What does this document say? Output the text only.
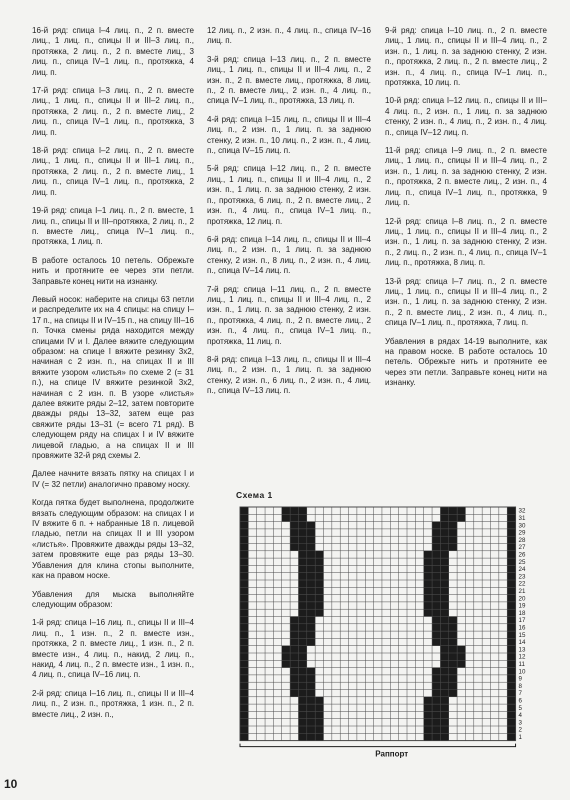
16-й ряд: спица I–4 лиц. п., 2 п. вместе лиц., 1 лиц. п., спицы II и III–3 лиц. п., протяжка, 2 лиц. п., 2 п. вместе лиц., 3 лиц. п., спица IV–1 лиц. п., протяжка, 4 лиц. п.

17-й ряд: спица I–3 лиц. п., 2 п. вместе лиц., 1 лиц. п., спицы II и III–2 лиц. п., протяжка, 2 лиц. п., 2 п. вместе лиц., 2 лиц. п., спица IV–1 лиц. п., протяжка, 3 лиц. п.

18-й ряд: спица I–2 лиц. п., 2 п. вместе лиц., 1 лиц. п., спицы II и III–1 лиц. п., протяжка, 2 лиц. п., 2 п. вместе лиц., 1 лиц. п., спица IV–1 лиц. п., протяжка, 2 лиц. п.

19-й ряд: спица I–1 лиц. п., 2 п. вместе, 1 лиц. п., спицы II и III–протяжка, 2 лиц. п., 2 п. вместе лиц., спица IV–1 лиц. п., протяжка, 1 лиц. п.

В работе осталось 10 петель. Обрежьте нить и протяните ее через эти петли. Заправьте конец нити на изнанку.

Левый носок: наберите на спицы 63 петли и распределите их на 4 спицы: на спицу I–17 п., на спицы II и IV–15 п., на спицу III–16 п. Точка смены ряда находится между спицами IV и I. Далее вяжите следующим образом: на спице I вяжите резинку 3х2, начиная с 2 изн. п., на спицах II и III вяжите узором «листья» по схеме 2 (= 31 п.), на спице IV вяжите резинкой 3х2, начиная с 2 изн. п. В узоре «листья» далее вяжите ряды 2–12, затем повторите дважды ряды 13–32, затем еще раз свяжите ряды 13–31 (= всего 71 ряд). В следующем ряду на спицах I и IV вяжите лицевой гладью, а на спицах II и III провяжите 32-й ряд схемы 2.

Далее начните вязать пятку на спицах I и IV (= 32 петли) аналогично правому носку.

Когда пятка будет выполнена, продолжите вязать следующим образом: на спицах I и IV вяжите 6 п. + набранные 18 п. лицевой гладью, петли на спицах II и III узором «листья». Провяжите дважды ряды 13–32, затем провяжите еще раз ряды 13–30. Убавления для клина стопы выполните, как на правом носке.

Убавления для мыска выполняйте следующим образом:

1-й ряд: спица I–16 лиц. п., спицы II и III–4 лиц. п., 1 изн. п., 2 п. вместе изн., протяжка, 2 п. вместе лиц., 1 изн. п., 2 п. вместе изн., 4 лиц. п., накид, 2 лиц. п., накид, 4 лиц. п., 2 п. вместе изн., 1 изн. п., 4 лиц. п., спица IV–16 лиц. п.

2-й ряд: спица I–16 лиц. п., спицы II и III–4 лиц. п., 2 изн. п., протяжка, 1 изн. п., 2 п. вместе лиц., 2 изн. п.,

12 лиц. п., 2 изн. п., 4 лиц. п., спица IV–16 лиц. п.

3-й ряд: спица I–13 лиц. п., 2 п. вместе лиц., 1 лиц. п., спицы II и III–4 лиц. п., 2 изн. п., 2 п. вместе лиц., протяжка, 8 лиц. п., 2 п. вместе лиц., 2 изн. п., 4 лиц. п., спица IV–1 лиц. п., протяжка, 13 лиц. п.

4-й ряд: спица I–15 лиц. п., спицы II и III–4 лиц. п., 2 изн. п., 1 лиц. п. за заднюю стенку, 2 изн. п., 10 лиц. п., 2 изн. п., 4 лиц. п., спица IV–15 лиц. п.

5-й ряд: спица I–12 лиц. п., 2 п. вместе лиц., 1 лиц. п., спицы II и III–4 лиц. п., 2 изн. п., 1 лиц. п. за заднюю стенку, 2 изн. п., протяжка, 6 лиц. п., 2 п. вместе лиц., 2 изн. п., 4 лиц. п., спица IV–1 лиц. п., протяжка, 12 лиц. п.

6-й ряд: спица I–14 лиц. п., спицы II и III–4 лиц. п., 2 изн. п., 1 лиц. п. за заднюю стенку, 2 изн. п., 8 лиц. п., 2 изн. п., 4 лиц. п., спица IV–14 лиц. п.

7-й ряд: спица I–11 лиц. п., 2 п. вместе лиц., 1 лиц. п., спицы II и III–4 лиц. п., 2 изн. п., 1 лиц. п. за заднюю стенку, 2 изн. п., протяжка, 4 лиц. п., 2 п. вместе лиц., 2 изн. п., 4 лиц. п., спица IV–1 лиц. п., протяжка, 11 лиц. п.

8-й ряд: спица I–13 лиц. п., спицы II и III–4 лиц. п., 2 изн. п., 1 лиц. п. за заднюю стенку, 2 изн. п., 6 лиц. п., 2 изн. п., 4 лиц. п., спица IV–13 лиц. п.

9-й ряд: спица I–10 лиц. п., 2 п. вместе лиц., 1 лиц. п., спицы II и III–4 лиц. п., 2 изн. п., 1 лиц. п. за заднюю стенку, 2 изн. п., протяжка, 2 лиц. п., 2 п. вместе лиц., 2 изн. п., 4 лиц. п., спица IV–1 лиц. п., протяжка, 10 лиц. п.

10-й ряд: спица I–12 лиц. п., спицы II и III–4 лиц. п., 2 изн. п., 1 лиц. п. за заднюю стенку, 2 изн. п., 4 лиц. п., 2 изн. п., 4 лиц. п., спица IV–12 лиц. п.

11-й ряд: спица I–9 лиц. п., 2 п. вместе лиц., 1 лиц. п., спицы II и III–4 лиц. п., 2 изн. п., 1 лиц. п. за заднюю стенку, 2 изн. п., протяжка, 2 п. вместе лиц., 2 изн. п., 4 лиц. п., спица IV–1 лиц. п., протяжка, 9 лиц. п.

12-й ряд: спица I–8 лиц. п., 2 п. вместе лиц., 1 лиц. п., спицы II и III–4 лиц. п., 2 изн. п., 1 лиц. п. за заднюю стенку, 2 изн. п., 2 лиц. п., 2 изн. п., 4 лиц. п., спица IV–1 лиц. п., протяжка, 8 лиц. п.

13-й ряд: спица I–7 лиц. п., 2 п. вместе лиц., 1 лиц. п., спицы II и III–4 лиц. п., 2 изн. п., 1 лиц. п. за заднюю стенку, 2 изн. п., 2 п. вместе лиц., 2 изн. п., 4 лиц. п., спица IV–1 лиц. п., протяжка, 7 лиц. п.

Убавления в рядах 14-19 выполните, как на правом носке. В работе осталось 10 петель. Обрежьте нить и протяните ее через эти петли. Заправьте конец нити на изнанку.

Схема 1
1
2
3
4
5
6
7
8
9
10
11
12
13
14
15
16
17
18
19
20
21
22
23
24
25
26
27
28
29
30
31
32
Раппорт
10
